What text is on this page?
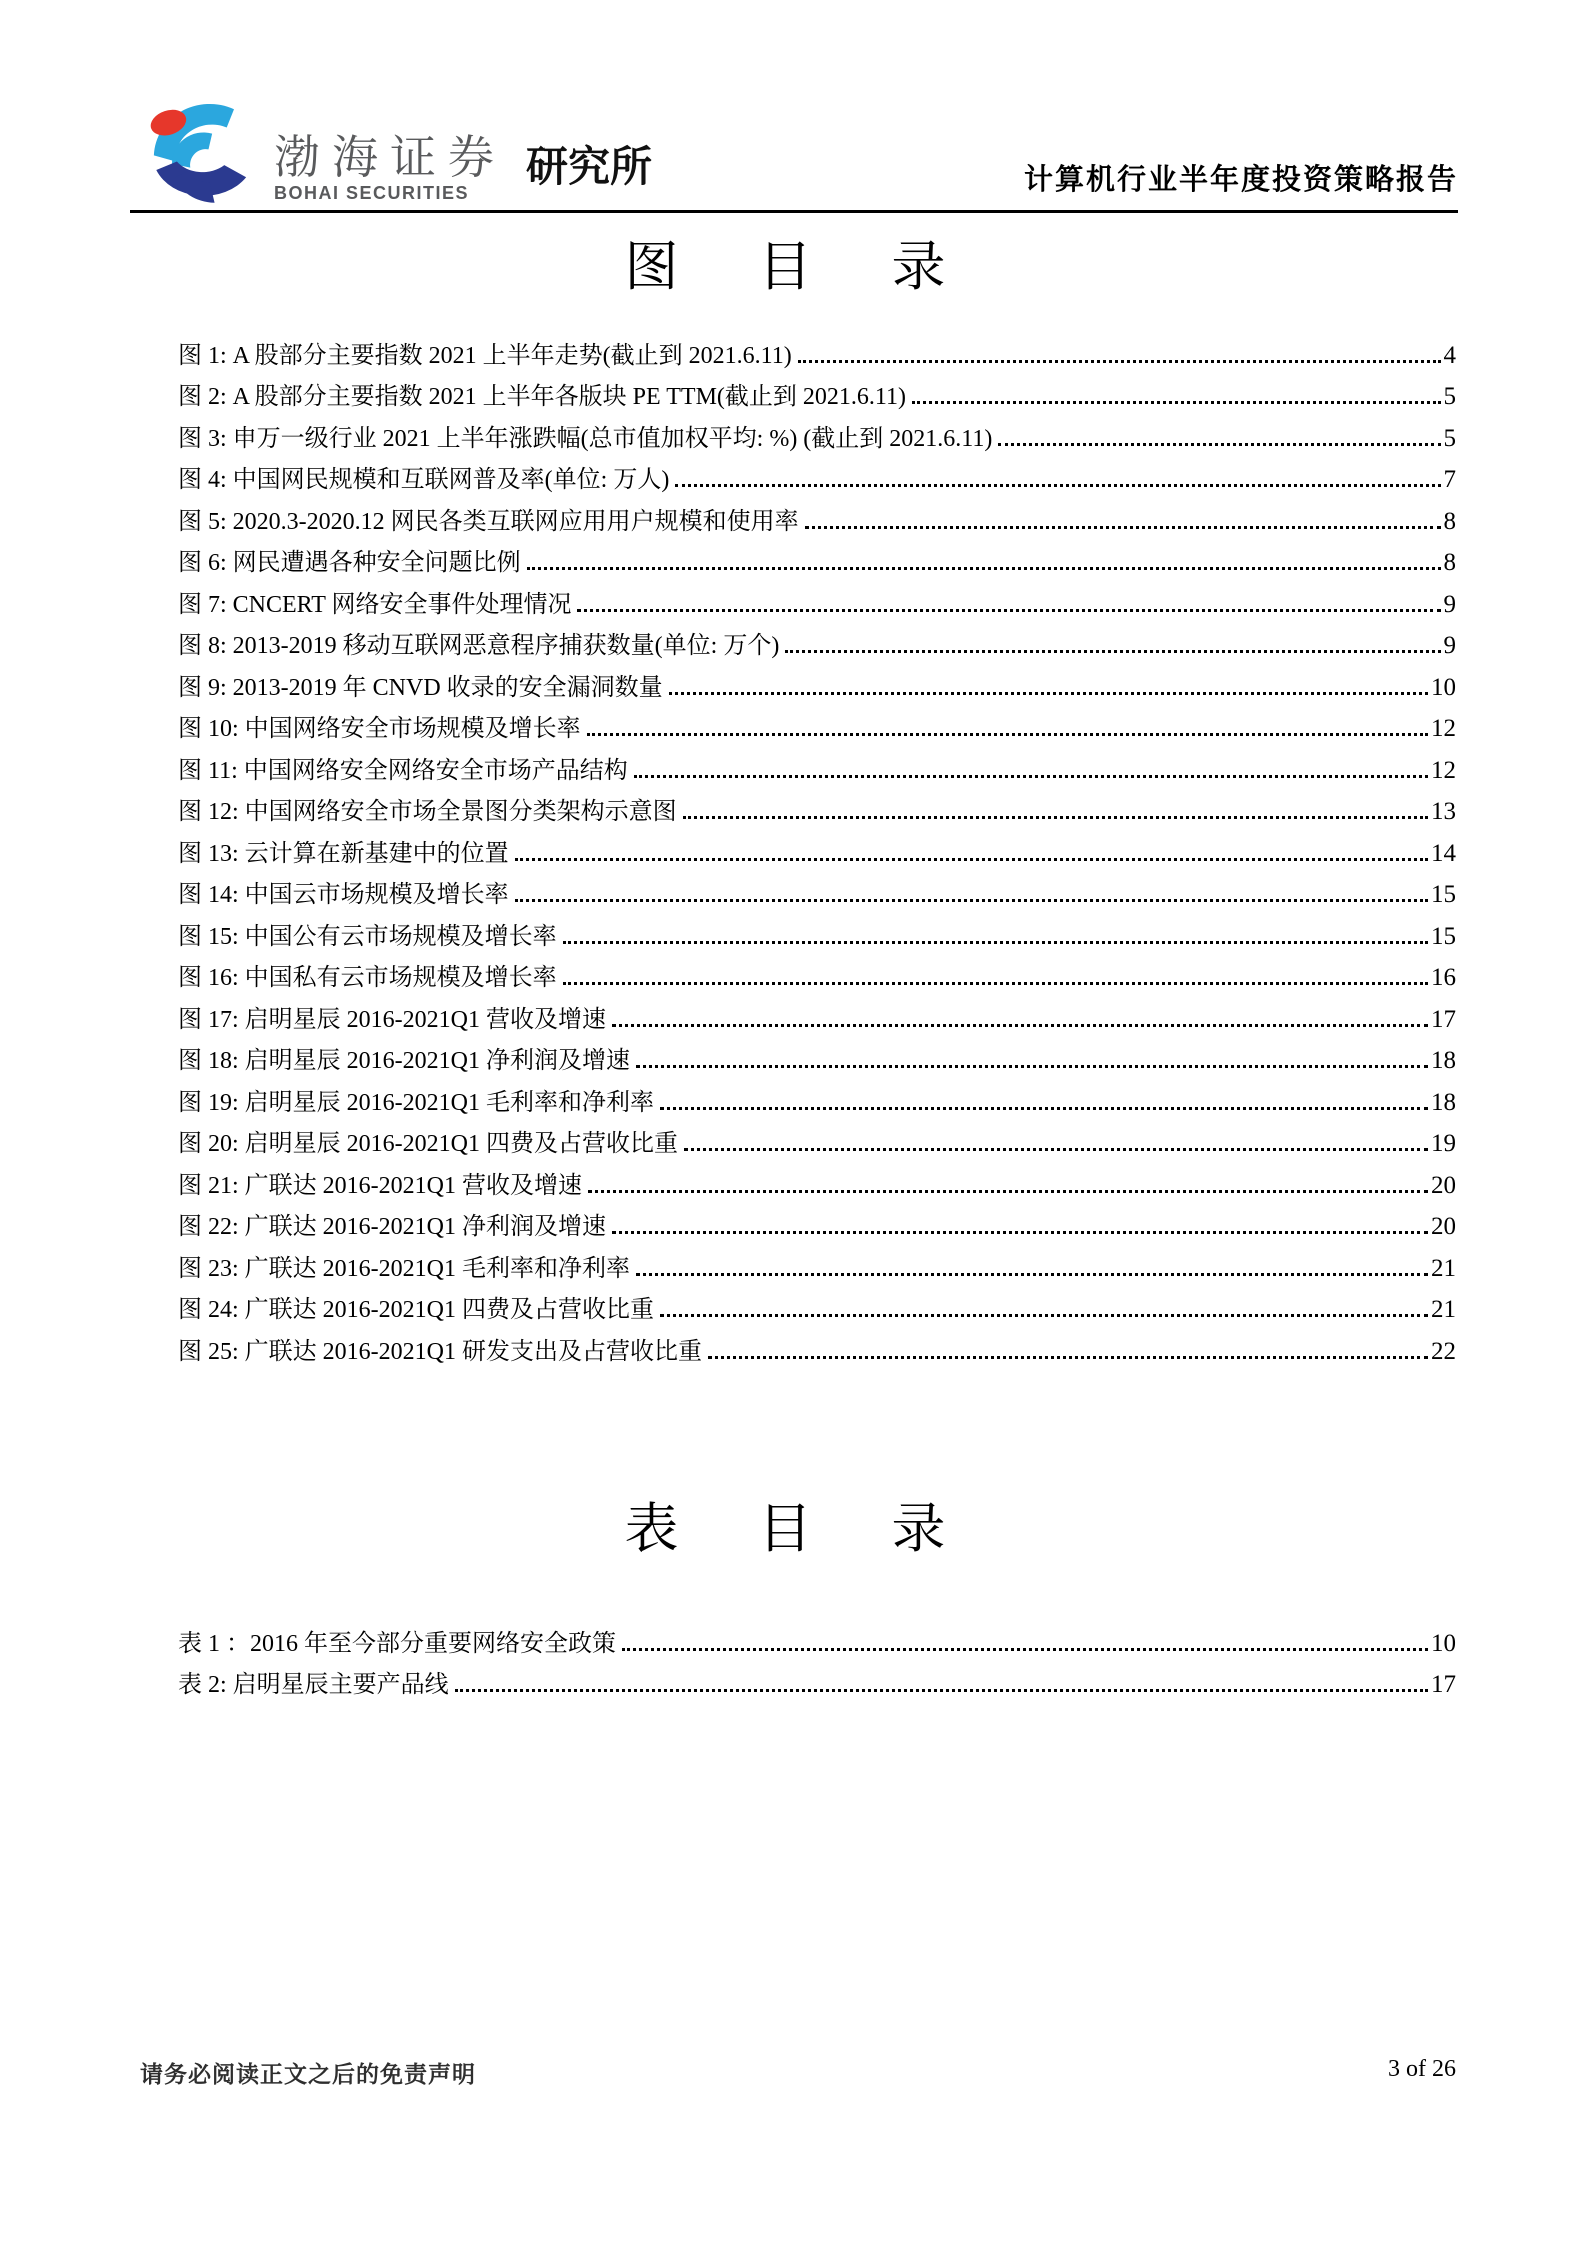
渤海证券
BOHAI SECURITIES
研究所	计算机行业半年度投资策略报告
图 目 录
图 1: A 股部分主要指数 2021 上半年走势(截止到 2021.6.11)	4
图 2: A 股部分主要指数 2021 上半年各版块 PE TTM(截止到 2021.6.11)	5
图 3: 申万一级行业 2021 上半年涨跌幅(总市值加权平均: %) (截止到 2021.6.11)	5
图 4: 中国网民规模和互联网普及率(单位: 万人)	7
图 5: 2020.3-2020.12 网民各类互联网应用用户规模和使用率	8
图 6: 网民遭遇各种安全问题比例	8
图 7: CNCERT 网络安全事件处理情况	9
图 8: 2013-2019 移动互联网恶意程序捕获数量(单位: 万个)	9
图 9: 2013-2019 年 CNVD 收录的安全漏洞数量	10
图 10: 中国网络安全市场规模及增长率	12
图 11: 中国网络安全网络安全市场产品结构	12
图 12: 中国网络安全市场全景图分类架构示意图	13
图 13: 云计算在新基建中的位置	14
图 14: 中国云市场规模及增长率	15
图 15: 中国公有云市场规模及增长率	15
图 16: 中国私有云市场规模及增长率	16
图 17: 启明星辰 2016-2021Q1 营收及增速	17
图 18: 启明星辰 2016-2021Q1 净利润及增速	18
图 19: 启明星辰 2016-2021Q1 毛利率和净利率	18
图 20: 启明星辰 2016-2021Q1 四费及占营收比重	19
图 21: 广联达 2016-2021Q1 营收及增速	20
图 22: 广联达 2016-2021Q1 净利润及增速	20
图 23: 广联达 2016-2021Q1 毛利率和净利率	21
图 24: 广联达 2016-2021Q1 四费及占营收比重	21
图 25: 广联达 2016-2021Q1 研发支出及占营收比重	22
表 目 录
表 1 ：2016 年至今部分重要网络安全政策	10
表 2: 启明星辰主要产品线	17
请务必阅读正文之后的免责声明	3 of 26
